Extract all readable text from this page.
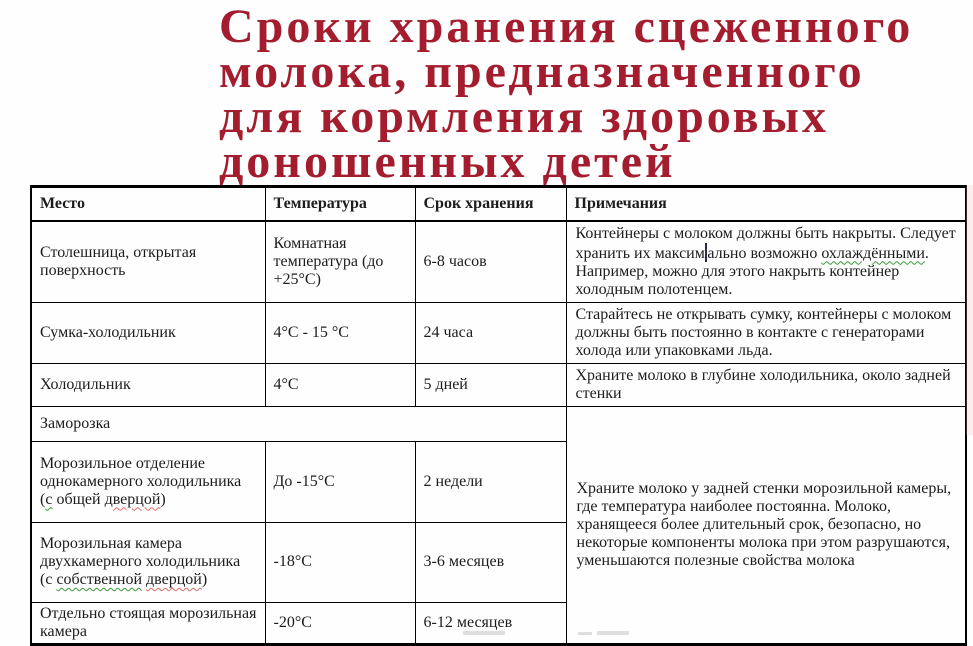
Сроки хранения сцеженного
молока, предназначенного
для кормления здоровых
доношенных детей
Место	Температура	Срок хранения	Примечания
Столешница, открытая поверхность	Комнатная температура (до +25°C)	6-8 часов	Контейнеры с молоком должны быть накрыты. Следует хранить их максим ально возможно охлаждёнными. Например, можно для этого накрыть контейнер холодным полотенцем.
Сумка-холодильник	4°C - 15 °C	24 часа	Старайтесь не открывать сумку, контейнеры с молоком должны быть постоянно в контакте с генераторами холода или упаковками льда.
Холодильник	4°C	5 дней	Храните молоко в глубине холодильника, около задней стенки
Заморозка			Храните молоко у задней стенки морозильной камеры, где температура наиболее постоянна. Молоко, хранящееся более длительный срок, безопасно, но некоторые компоненты молока при этом разрушаются, уменьшаются полезные свойства молока
Морозильное отделение однокамерного холодильника (с общей дверцой)	До -15°C	2 недели	
Морозильная камера двухкамерного холодильника (с собственной дверцой)	-18°C	3-6 месяцев	
Отдельно стоящая морозильная камера	-20°C	6-12 месяцев	
